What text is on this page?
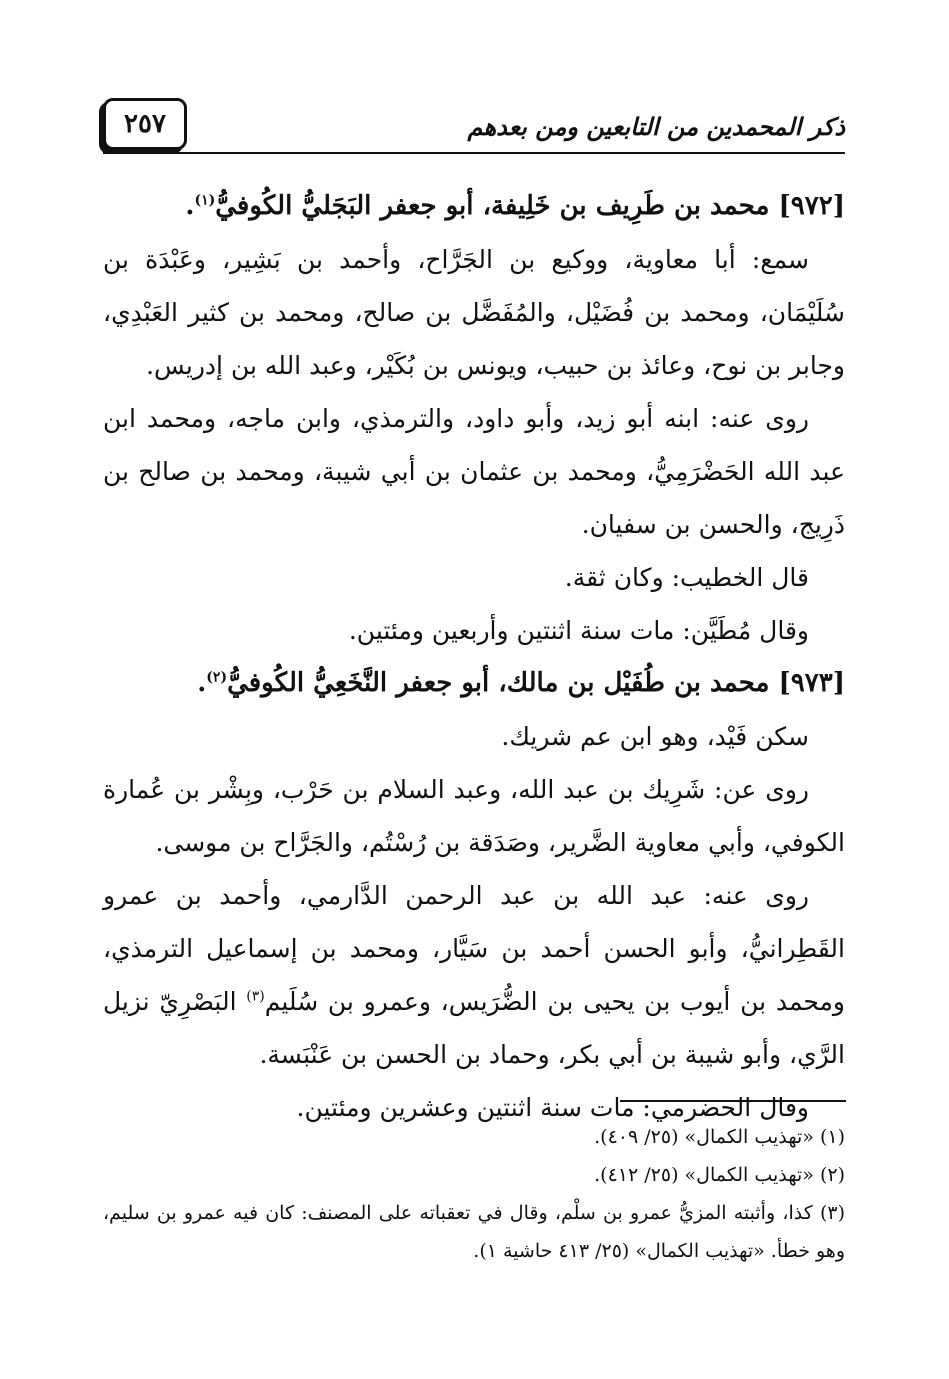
٢٥٧	ذكر المحمدين من التابعين ومن بعدهم

[٩٧٢] محمد بن طَرِيف بن خَلِيفة، أبو جعفر البَجَليُّ الكُوفيُّ$^{(١)}$.

سمع: أبا معاوية، ووكيع بن الجَرَّاح، وأحمد بن بَشِير، وعَبْدَة بن سُلَيْمَان، ومحمد بن فُضَيْل، والمُفَضَّل بن صالح، ومحمد بن كثير العَبْدِي، وجابر بن نوح، وعائذ بن حبيب، ويونس بن بُكَيْر، وعبد الله بن إدريس.

روى عنه: ابنه أبو زيد، وأبو داود، والترمذي، وابن ماجه، ومحمد ابن عبد الله الحَضْرَمِيُّ، ومحمد بن عثمان بن أبي شيبة، ومحمد بن صالح بن ذَرِيج، والحسن بن سفيان.

قال الخطيب: وكان ثقة.

وقال مُطَيَّن: مات سنة اثنتين وأربعين ومئتين.

[٩٧٣] محمد بن طُفَيْل بن مالك، أبو جعفر النَّخَعِيُّ الكُوفيُّ$^{(٢)}$.

سكن فَيْد، وهو ابن عم شريك.

روى عن: شَرِيك بن عبد الله، وعبد السلام بن حَرْب، وبِشْر بن عُمارة الكوفي، وأبي معاوية الضَّرير، وصَدَقة بن رُسْتُم، والجَرَّاح بن موسى.

روى عنه: عبد الله بن عبد الرحمن الدَّارمي، وأحمد بن عمرو القَطِرانيُّ، وأبو الحسن أحمد بن سَيَّار، ومحمد بن إسماعيل الترمذي، ومحمد بن أيوب بن يحيى بن الضُّرَيس، وعمرو بن سُلَيم$^{(٣)}$ البَصْرِيّ نزيل الرَّي، وأبو شيبة بن أبي بكر، وحماد بن الحسن بن عَنْبَسة.

وقال الحضرمي: مات سنة اثنتين وعشرين ومئتين.

(١) «تهذيب الكمال» (٢٥/ ٤٠٩).

(٢) «تهذيب الكمال» (٢٥/ ٤١٢).

(٣) كذا، وأثبته المزيُّ عمرو بن سلْم، وقال في تعقباته على المصنف: كان فيه عمرو بن سليم، وهو خطأ. «تهذيب الكمال» (٢٥/ ٤١٣ حاشية ١).
